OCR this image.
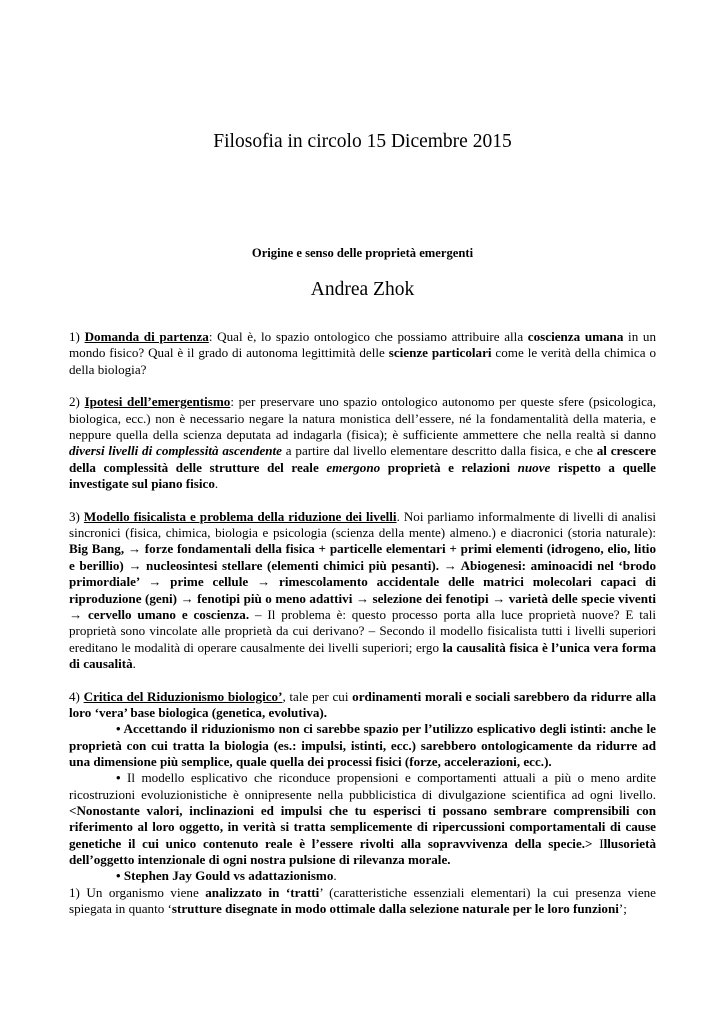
Filosofia in circolo 15 Dicembre 2015
Origine e senso delle proprietà emergenti
Andrea Zhok

1) Domanda di partenza: Qual è, lo spazio ontologico che possiamo attribuire alla coscienza umana in un mondo fisico? Qual è il grado di autonoma legittimità delle scienze particolari come le verità della chimica o della biologia?

2) Ipotesi dell’emergentismo: per preservare uno spazio ontologico autonomo per queste sfere (psicologica, biologica, ecc.) non è necessario negare la natura monistica dell’essere, né la fondamentalità della materia, e neppure quella della scienza deputata ad indagarla (fisica); è sufficiente ammettere che nella realtà si danno diversi livelli di complessità ascendente a partire dal livello elementare descritto dalla fisica, e che al crescere della complessità delle strutture del reale emergono proprietà e relazioni nuove rispetto a quelle investigate sul piano fisico.

3) Modello fisicalista e problema della riduzione dei livelli. Noi parliamo informalmente di livelli di analisi sincronici (fisica, chimica, biologia e psicologia (scienza della mente) almeno.) e diacronici (storia naturale): Big Bang, → forze fondamentali della fisica + particelle elementari + primi elementi (idrogeno, elio, litio e berillio) → nucleosintesi stellare (elementi chimici più pesanti). → Abiogenesi: aminoacidi nel ‘brodo primordiale’ → prime cellule → rimescolamento accidentale delle matrici molecolari capaci di riproduzione (geni) → fenotipi più o meno adattivi → selezione dei fenotipi → varietà delle specie viventi → cervello umano e coscienza. – Il problema è: questo processo porta alla luce proprietà nuove? E tali proprietà sono vincolate alle proprietà da cui derivano? – Secondo il modello fisicalista tutti i livelli superiori ereditano le modalità di operare causalmente dei livelli superiori; ergo la causalità fisica è l’unica vera forma di causalità.

4) Critica del Riduzionismo biologico’, tale per cui ordinamenti morali e sociali sarebbero da ridurre alla loro ‘vera’ base biologica (genetica, evolutiva).

• Accettando il riduzionismo non ci sarebbe spazio per l’utilizzo esplicativo degli istinti: anche le proprietà con cui tratta la biologia (es.: impulsi, istinti, ecc.) sarebbero ontologicamente da ridurre ad una dimensione più semplice, quale quella dei processi fisici (forze, accelerazioni, ecc.).

• Il modello esplicativo che riconduce propensioni e comportamenti attuali a più o meno ardite ricostruzioni evoluzionistiche è onnipresente nella pubblicistica di divulgazione scientifica ad ogni livello. <Nonostante valori, inclinazioni ed impulsi che tu esperisci ti possano sembrare comprensibili con riferimento al loro oggetto, in verità si tratta semplicemente di ripercussioni comportamentali di cause genetiche il cui unico contenuto reale è l’essere rivolti alla sopravvivenza della specie.> Illusorietà dell’oggetto intenzionale di ogni nostra pulsione di rilevanza morale.

• Stephen Jay Gould vs adattazionismo.

1) Un organismo viene analizzato in ‘tratti’ (caratteristiche essenziali elementari) la cui presenza viene spiegata in quanto ‘strutture disegnate in modo ottimale dalla selezione naturale per le loro funzioni’;
